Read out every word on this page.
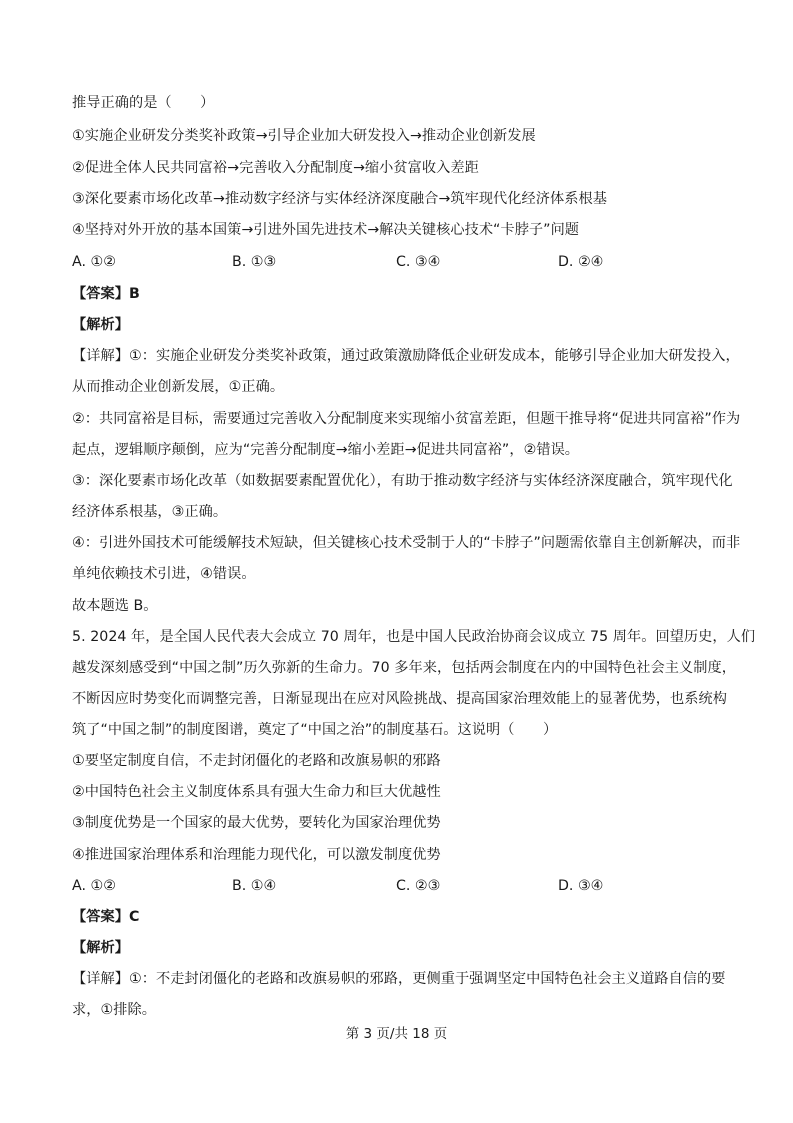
推导正确的是（　　）
①实施企业研发分类奖补政策→引导企业加大研发投入→推动企业创新发展
②促进全体人民共同富裕→完善收入分配制度→缩小贫富收入差距
③深化要素市场化改革→推动数字经济与实体经济深度融合→筑牢现代化经济体系根基
④坚持对外开放的基本国策→引进外国先进技术→解决关键核心技术“卡脖子”问题
A. ①②	B. ①③	C. ③④	D. ②④
【答案】B
【解析】
【详解】①：实施企业研发分类奖补政策，通过政策激励降低企业研发成本，能够引导企业加大研发投入，
从而推动企业创新发展，①正确。
②：共同富裕是目标，需要通过完善收入分配制度来实现缩小贫富差距，但题干推导将“促进共同富裕”作为
起点，逻辑顺序颠倒，应为“完善分配制度→缩小差距→促进共同富裕”，②错误。
③：深化要素市场化改革（如数据要素配置优化），有助于推动数字经济与实体经济深度融合，筑牢现代化
经济体系根基，③正确。
④：引进外国技术可能缓解技术短缺，但关键核心技术受制于人的“卡脖子”问题需依靠自主创新解决，而非
单纯依赖技术引进，④错误。
故本题选 B。
5. 2024 年，是全国人民代表大会成立 70 周年，也是中国人民政治协商会议成立 75 周年。回望历史，人们
越发深刻感受到“中国之制”历久弥新的生命力。70 多年来，包括两会制度在内的中国特色社会主义制度，
不断因应时势变化而调整完善，日渐显现出在应对风险挑战、提高国家治理效能上的显著优势，也系统构
筑了“中国之制”的制度图谱，奠定了“中国之治”的制度基石。这说明（　　）
①要坚定制度自信，不走封闭僵化的老路和改旗易帜的邪路
②中国特色社会主义制度体系具有强大生命力和巨大优越性
③制度优势是一个国家的最大优势，要转化为国家治理优势
④推进国家治理体系和治理能力现代化，可以激发制度优势
A. ①②	B. ①④	C. ②③	D. ③④
【答案】C
【解析】
【详解】①：不走封闭僵化的老路和改旗易帜的邪路，更侧重于强调坚定中国特色社会主义道路自信的要
求，①排除。
第 3 页/共 18 页
